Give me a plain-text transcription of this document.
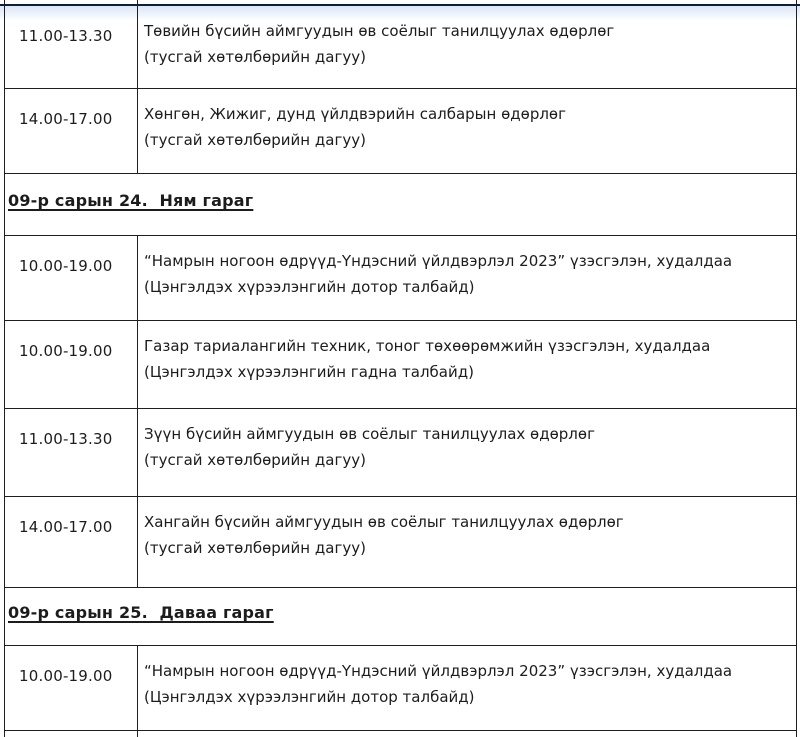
11.00-13.30	Төвийн бүсийн аймгуудын өв соёлыг танилцуулах өдөрлөг
(тусгай хөтөлбөрийн дагуу)
14.00-17.00	Хөнгөн, Жижиг, дунд үйлдвэрийн салбарын өдөрлөг
(тусгай хөтөлбөрийн дагуу)
09-р сарын 24.  Ням гараг
10.00-19.00	“Намрын ногоон өдрүүд-Үндэсний үйлдвэрлэл 2023” үзэсгэлэн, худалдаа
(Цэнгэлдэх хүрээлэнгийн дотор талбайд)
10.00-19.00	Газар тариалангийн техник, тоног төхөөрөмжийн үзэсгэлэн, худалдаа
(Цэнгэлдэх хүрээлэнгийн гадна талбайд)
11.00-13.30	Зүүн бүсийн аймгуудын өв соёлыг танилцуулах өдөрлөг
(тусгай хөтөлбөрийн дагуу)
14.00-17.00	Хангайн бүсийн аймгуудын өв соёлыг танилцуулах өдөрлөг
(тусгай хөтөлбөрийн дагуу)
09-р сарын 25.  Даваа гараг
10.00-19.00	“Намрын ногоон өдрүүд-Үндэсний үйлдвэрлэл 2023” үзэсгэлэн, худалдаа
(Цэнгэлдэх хүрээлэнгийн дотор талбайд)
